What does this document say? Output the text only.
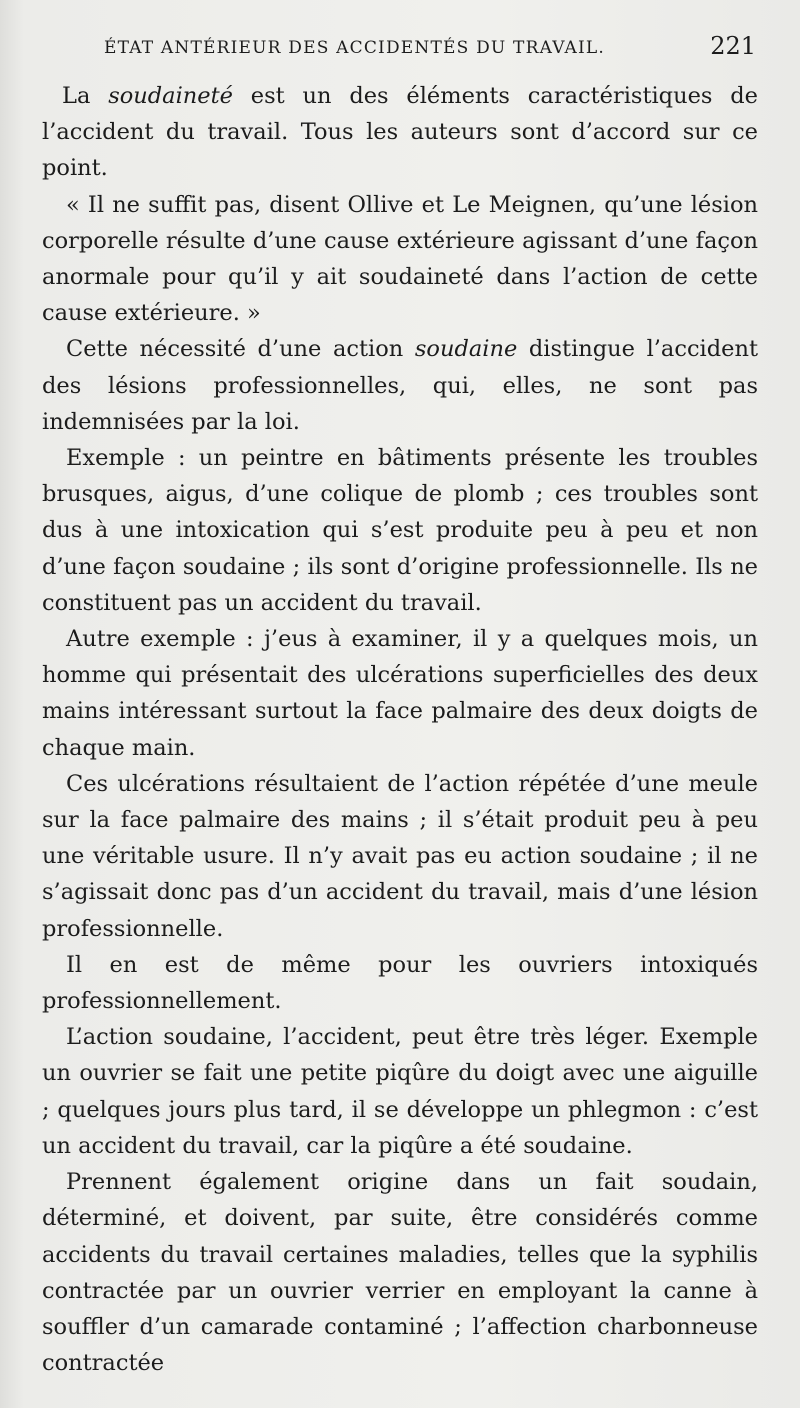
ÉTAT ANTÉRIEUR DES ACCIDENTÉS DU TRAVAIL.	221

La soudaineté est un des éléments caractéristiques de l’accident du travail. Tous les auteurs sont d’accord sur ce point.

« Il ne suffit pas, disent Ollive et Le Meignen, qu’une lésion corporelle résulte d’une cause extérieure agissant d’une façon anormale pour qu’il y ait soudaineté dans l’action de cette cause extérieure. »

Cette nécessité d’une action soudaine distingue l’accident des lésions professionnelles, qui, elles, ne sont pas indemnisées par la loi.

Exemple : un peintre en bâtiments présente les troubles brusques, aigus, d’une colique de plomb ; ces troubles sont dus à une intoxication qui s’est produite peu à peu et non d’une façon soudaine ; ils sont d’origine professionnelle. Ils ne constituent pas un accident du travail.

Autre exemple : j’eus à examiner, il y a quelques mois, un homme qui présentait des ulcérations superficielles des deux mains intéressant surtout la face palmaire des deux doigts de chaque main.

Ces ulcérations résultaient de l’action répétée d’une meule sur la face palmaire des mains ; il s’était produit peu à peu une véritable usure. Il n’y avait pas eu action soudaine ; il ne s’agissait donc pas d’un accident du travail, mais d’une lésion professionnelle.

Il en est de même pour les ouvriers intoxiqués professionnellement.

L’action soudaine, l’accident, peut être très léger. Exemple un ouvrier se fait une petite piqûre du doigt avec une aiguille ; quelques jours plus tard, il se développe un phlegmon : c’est un accident du travail, car la piqûre a été soudaine.

Prennent également origine dans un fait soudain, déterminé, et doivent, par suite, être considérés comme accidents du travail certaines maladies, telles que la syphilis contractée par un ouvrier verrier en employant la canne à souffler d’un camarade contaminé ; l’affection charbonneuse contractée
